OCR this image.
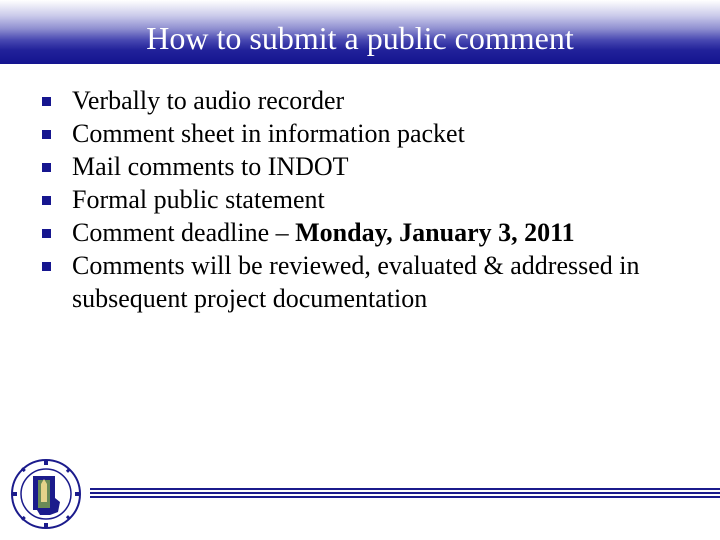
How to submit a public comment
Verbally to audio recorder
Comment sheet in information packet
Mail comments to INDOT
Formal public statement
Comment deadline – Monday, January 3, 2011
Comments will be reviewed, evaluated & addressed in subsequent project documentation
